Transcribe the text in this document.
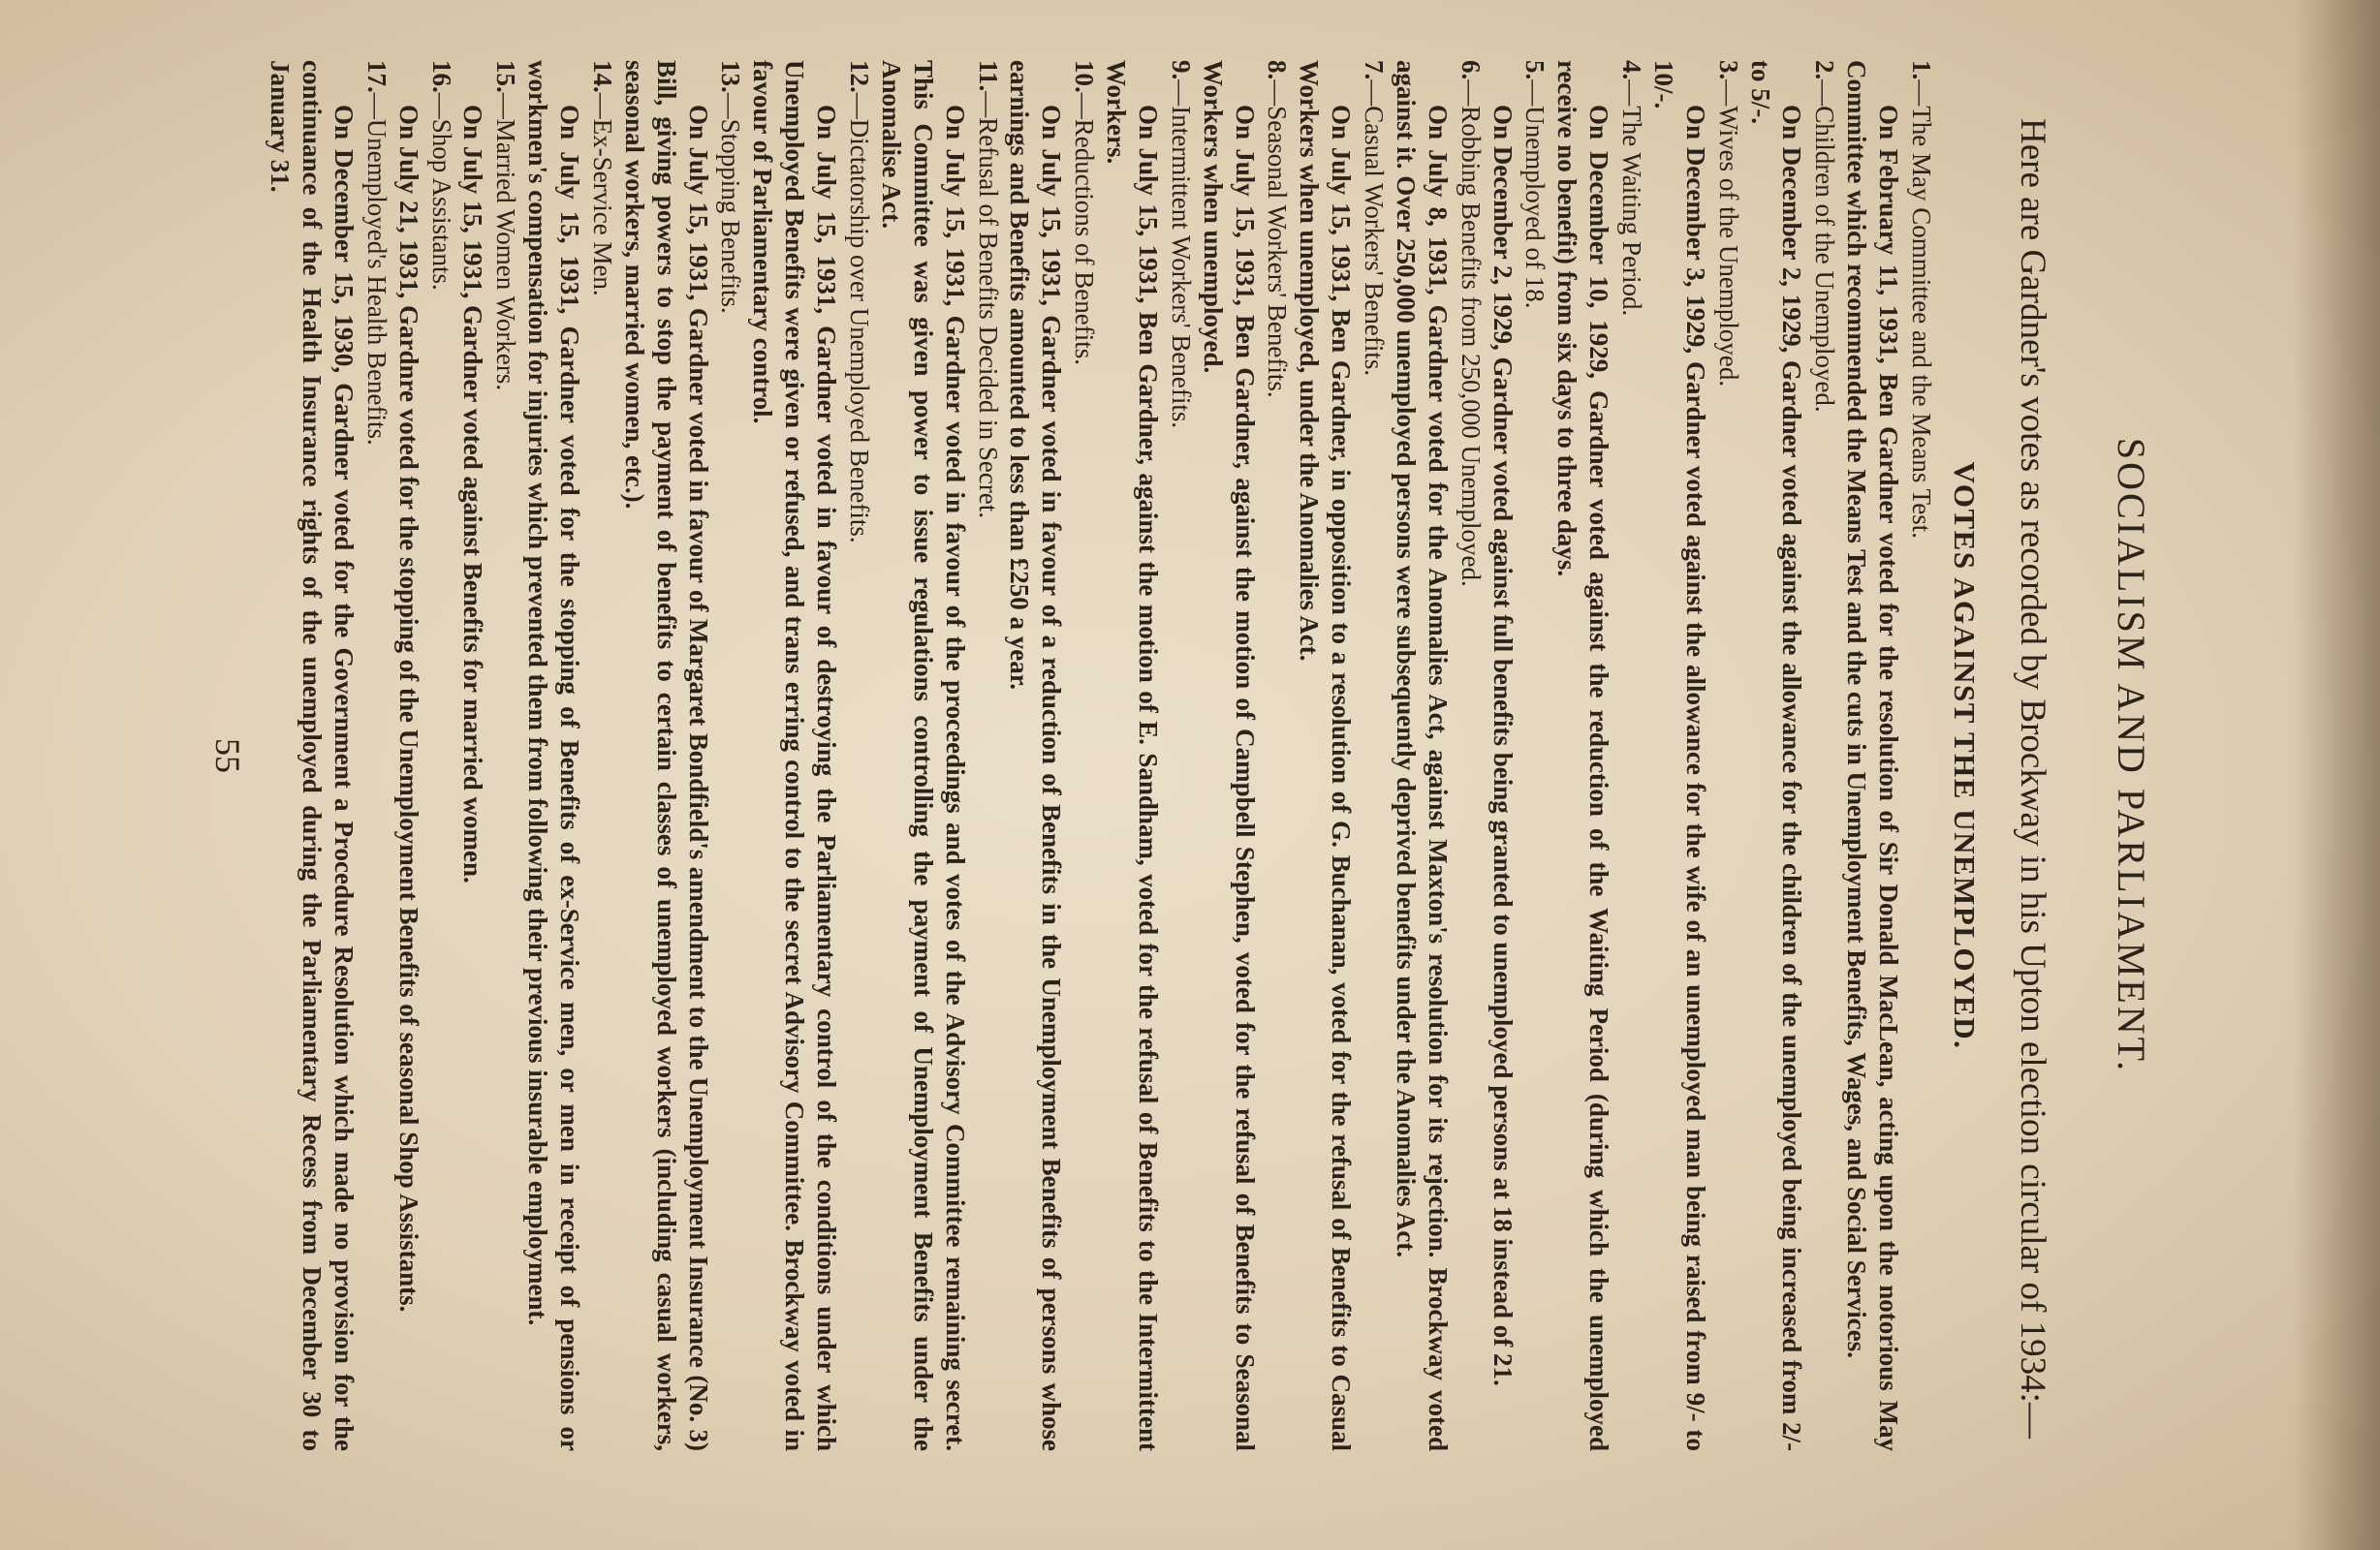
SOCIALISM AND PARLIAMENT.

Here are Gardner's votes as recorded by Brockway in his Upton election circular of 1934:—

VOTES AGAINST THE UNEMPLOYED.
1.—The May Committee and the Means Test.

On February 11, 1931, Ben Gardner voted for the resolution of Sir Donald MacLean, acting upon the notorious May Committee which recommended the Means Test and the cuts in Unemployment Benefits, Wages, and Social Services.

2.—Children of the Unemployed.

On December 2, 1929, Gardner voted against the allowance for the children of the unemployed being increased from 2/- to 5/-.

3.—Wives of the Unemployed.

On December 3, 1929, Gardner voted against the allowance for the wife of an unemployed man being raised from 9/- to 10/-.

4.—The Waiting Period.

On December 10, 1929, Gardner voted against the reduction of the Waiting Period (during which the unemployed receive no benefit) from six days to three days.

5.—Unemployed of 18.

On December 2, 1929, Gardner voted against full benefits being granted to unemployed persons at 18 instead of 21.

6.—Robbing Benefits from 250,000 Unemployed.

On July 8, 1931, Gardner voted for the Anomalies Act, against Maxton's resolution for its rejection. Brockway voted against it. Over 250,000 unemployed persons were subsequently deprived benefits under the Anomalies Act.

7.—Casual Workers' Benefits.

On July 15, 1931, Ben Gardner, in opposition to a resolution of G. Buchanan, voted for the refusal of Benefits to Casual Workers when unemployed, under the Anomalies Act.

8.—Seasonal Workers' Benefits.

On July 15, 1931, Ben Gardner, against the motion of Campbell Stephen, voted for the refusal of Benefits to Seasonal Workers when unemployed.

9.—Intermittent Workers' Benefits.

On July 15, 1931, Ben Gardner, against the motion of E. Sandham, voted for the refusal of Benefits to the Intermittent Workers.

10.—Reductions of Benefits.

On July 15, 1931, Gardner voted in favour of a reduction of Benefits in the Unemployment Benefits of persons whose earnings and Benefits amounted to less than £250 a year.

11.—Refusal of Benefits Decided in Secret.

On July 15, 1931, Gardner voted in favour of the proceedings and votes of the Advisory Committee remaining secret. This Committee was given power to issue regulations controlling the payment of Unemployment Benefits under the Anomalise Act.

12.—Dictatorship over Unemployed Benefits.

On July 15, 1931, Gardner voted in favour of destroying the Parliamentary control of the conditions under which Unemployed Benefits were given or refused, and trans erring control to the secret Advisory Committee. Brockway voted in favour of Parliamentary control.

13.—Stopping Benefits.

On July 15, 1931, Gardner voted in favour of Margaret Bondfield's amendment to the Unemployment Insurance (No. 3) Bill, giving powers to stop the payment of benefits to certain classes of unemployed workers (including casual workers, seasonal workers, married women, etc.).

14.—Ex-Service Men.

On July 15, 1931, Gardner voted for the stopping of Benefits of ex-Service men, or men in receipt of pensions or workmen's compensation for injuries which prevented them from following their previous insurable employment.

15.—Married Women Workers.

On July 15, 1931, Gardner voted against Benefits for married women.

16.—Shop Assistants.

On July 21, 1931, Gardnre voted for the stopping of the Unemployment Benefits of seasonal Shop Assistants.

17.—Unemployed's Health Benefits.

On December 15, 1930, Gardner voted for the Government a Procedure Resolution which made no provision for the continuance of the Health Insurance rights of the unemployed during the Parliamentary Recess from December 30 to January 31.

55
